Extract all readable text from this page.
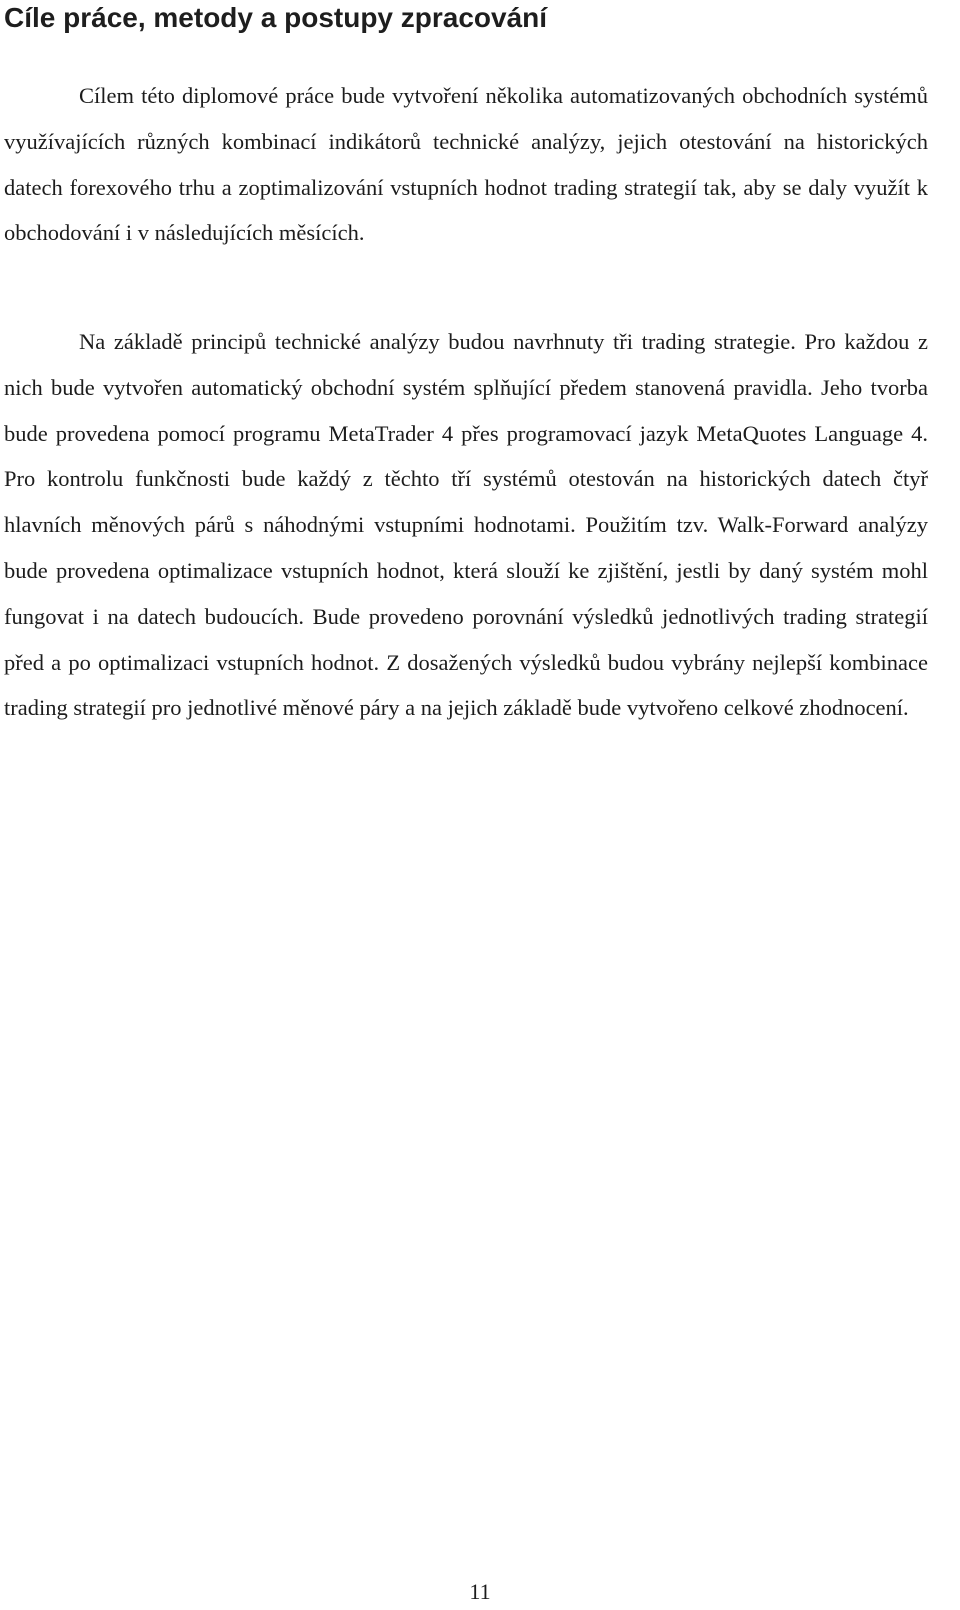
Cíle práce, metody a postupy zpracování

Cílem této diplomové práce bude vytvoření několika automatizovaných obchodních systémů využívajících různých kombinací indikátorů technické analýzy, jejich otestování na historických datech forexového trhu a zoptimalizování vstupních hodnot trading strategií tak, aby se daly využít k obchodování i v následujících měsících.

Na základě principů technické analýzy budou navrhnuty tři trading strategie. Pro každou z nich bude vytvořen automatický obchodní systém splňující předem stanovená pravidla. Jeho tvorba bude provedena pomocí programu MetaTrader 4 přes programovací jazyk MetaQuotes Language 4. Pro kontrolu funkčnosti bude každý z těchto tří systémů otestován na historických datech čtyř hlavních měnových párů s náhodnými vstupními hodnotami. Použitím tzv. Walk-Forward analýzy bude provedena optimalizace vstupních hodnot, která slouží ke zjištění, jestli by daný systém mohl fungovat i na datech budoucích. Bude provedeno porovnání výsledků jednotlivých trading strategií před a po optimalizaci vstupních hodnot. Z dosažených výsledků budou vybrány nejlepší kombinace trading strategií pro jednotlivé měnové páry a na jejich základě bude vytvořeno celkové zhodnocení.

11
